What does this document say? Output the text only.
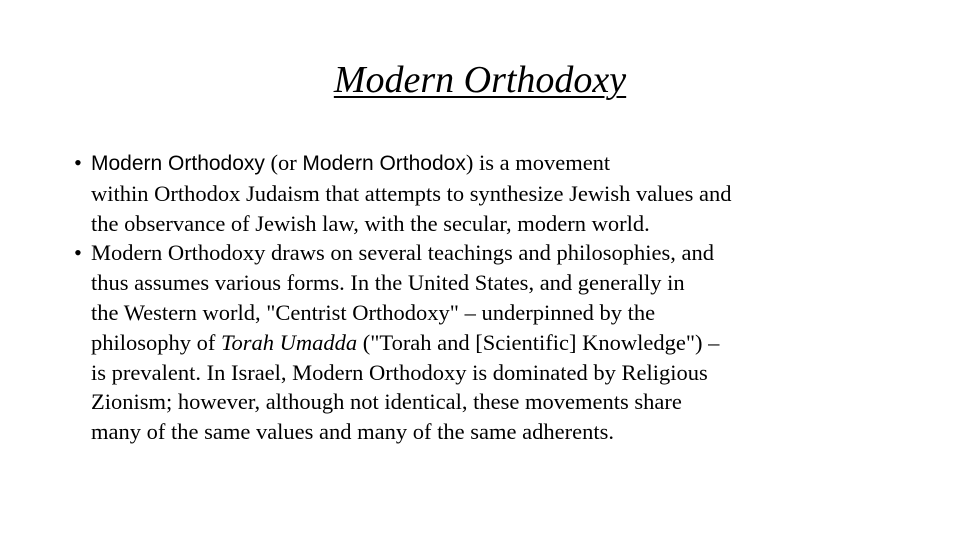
Modern Orthodoxy
• Modern Orthodoxy (or Modern Orthodox) is a movement
within Orthodox Judaism that attempts to synthesize Jewish values and
the observance of Jewish law, with the secular, modern world.
• Modern Orthodoxy draws on several teachings and philosophies, and
thus assumes various forms. In the United States, and generally in
the Western world, "Centrist Orthodoxy" – underpinned by the
philosophy of Torah Umadda ("Torah and [Scientific] Knowledge") –
is prevalent. In Israel, Modern Orthodoxy is dominated by Religious
Zionism; however, although not identical, these movements share
many of the same values and many of the same adherents.
